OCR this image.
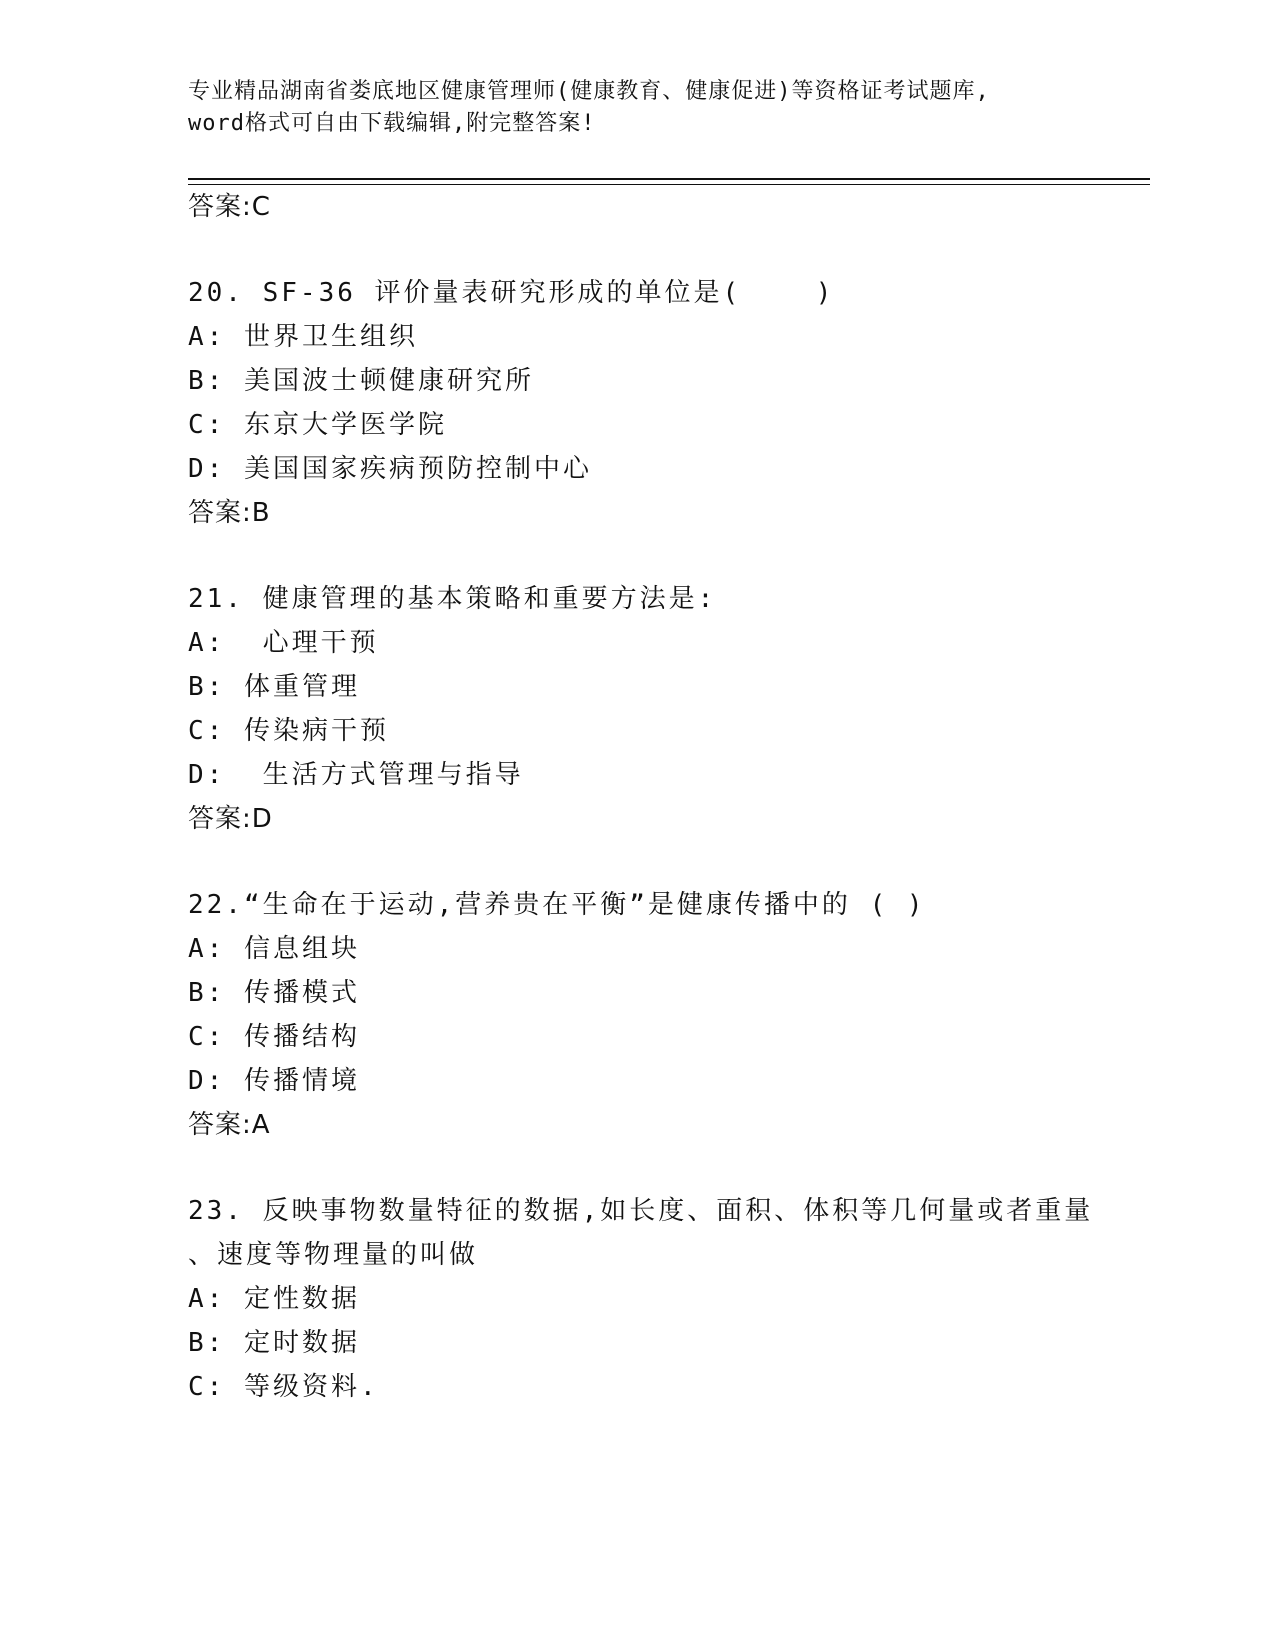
专业精品湖南省娄底地区健康管理师(健康教育、健康促进)等资格证考试题库,
word格式可自由下载编辑,附完整答案!
答案:C
20. SF-36 评价量表研究形成的单位是(    )
A: 世界卫生组织
B: 美国波士顿健康研究所
C: 东京大学医学院
D: 美国国家疾病预防控制中心
答案:B
21. 健康管理的基本策略和重要方法是:
A:  心理干预
B: 体重管理
C: 传染病干预
D:  生活方式管理与指导
答案:D
22.“生命在于运动,营养贵在平衡”是健康传播中的 ( )
A: 信息组块
B: 传播模式
C: 传播结构
D: 传播情境
答案:A
23. 反映事物数量特征的数据,如长度、面积、体积等几何量或者重量
、速度等物理量的叫做
A: 定性数据
B: 定时数据
C: 等级资料.
